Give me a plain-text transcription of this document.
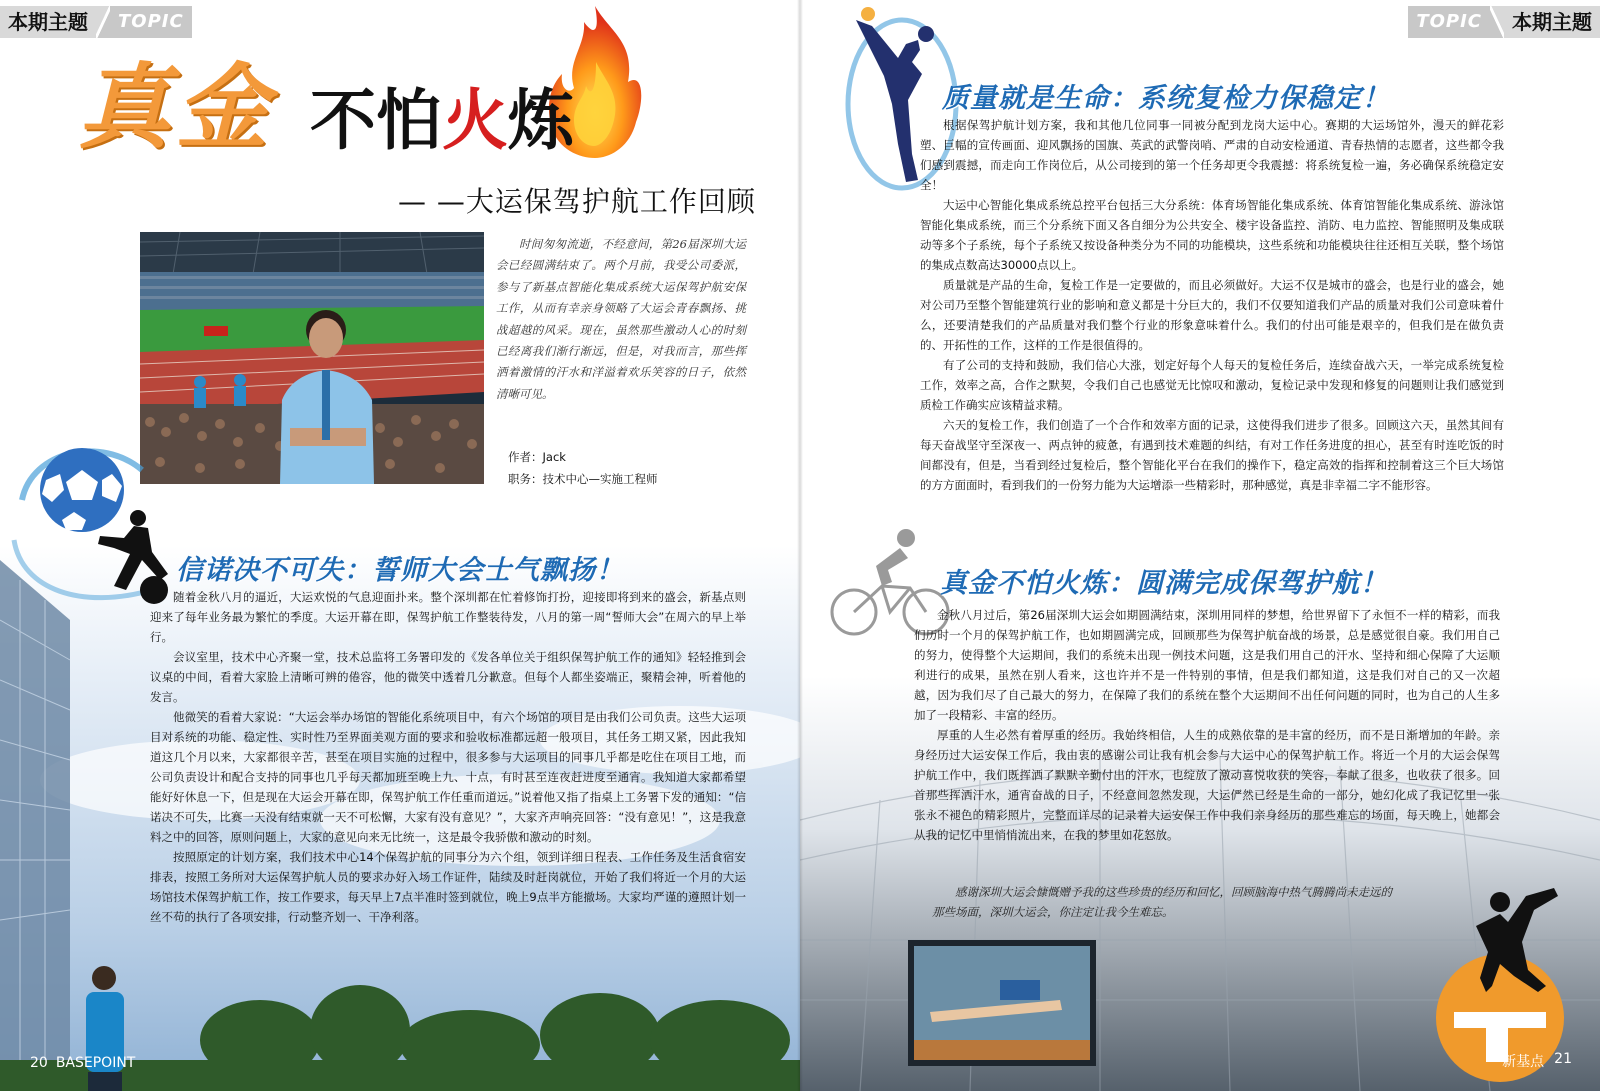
本期主题	TOPIC
真金 不怕火炼
— —大运保驾护航工作回顾
时间匆匆流逝，不经意间，第26届深圳大运会已经圆满结束了。两个月前，我受公司委派，参与了新基点智能化集成系统大运保驾护航安保工作，从而有幸亲身领略了大运会青春飘扬、挑战超越的风采。现在，虽然那些激动人心的时刻已经离我们渐行渐远，但是，对我而言，那些挥洒着激情的汗水和洋溢着欢乐笑容的日子，依然清晰可见。
作者：Jack
职务：技术中心—实施工程师
信诺决不可失：誓师大会士气飘扬！

随着金秋八月的逼近，大运欢悦的气息迎面扑来。整个深圳都在忙着修饰打扮，迎接即将到来的盛会，新基点则迎来了每年业务最为繁忙的季度。大运开幕在即，保驾护航工作整装待发，八月的第一周“誓师大会”在周六的早上举行。

会议室里，技术中心齐聚一堂，技术总监将工务署印发的《发各单位关于组织保驾护航工作的通知》轻轻推到会议桌的中间，看着大家脸上清晰可辨的倦容，他的微笑中透着几分歉意。但每个人都坐姿端正，聚精会神，听着他的发言。

他微笑的看着大家说：“大运会举办场馆的智能化系统项目中，有六个场馆的项目是由我们公司负责。这些大运项目对系统的功能、稳定性、实时性乃至界面美观方面的要求和验收标准都远超一般项目，其任务工期又紧，因此我知道这几个月以来，大家都很辛苦，甚至在项目实施的过程中，很多参与大运项目的同事几乎都是吃住在项目工地，而公司负责设计和配合支持的同事也几乎每天都加班至晚上九、十点，有时甚至连夜赶进度至通宵。我知道大家都希望能好好休息一下，但是现在大运会开幕在即，保驾护航工作任重而道远。”说着他又指了指桌上工务署下发的通知：“信诺决不可失，比赛一天没有结束就一天不可松懈，大家有没有意见？”，大家齐声响亮回答：“没有意见！”，这是我意料之中的回答，原则问题上，大家的意见向来无比统一，这是最令我骄傲和激动的时刻。

按照原定的计划方案，我们技术中心14个保驾护航的同事分为六个组，领到详细日程表、工作任务及生活食宿安排表，按照工务所对大运保驾护航人员的要求办好入场工作证件，陆续及时赶岗就位，开始了我们将近一个月的大运场馆技术保驾护航工作，按工作要求，每天早上7点半准时签到就位，晚上9点半方能撤场。大家均严谨的遵照计划一丝不苟的执行了各项安排，行动整齐划一、干净利落。

20 BASEPOINT
TOPIC	本期主题
质量就是生命：系统复检力保稳定！

根据保驾护航计划方案，我和其他几位同事一同被分配到龙岗大运中心。赛期的大运场馆外，漫天的鲜花彩塑、巨幅的宣传画面、迎风飘扬的国旗、英武的武警岗哨、严肃的自动安检通道、青春热情的志愿者，这些都令我们感到震撼，而走向工作岗位后，从公司接到的第一个任务却更令我震撼：将系统复检一遍，务必确保系统稳定安全！

大运中心智能化集成系统总控平台包括三大分系统：体育场智能化集成系统、体育馆智能化集成系统、游泳馆智能化集成系统，而三个分系统下面又各自细分为公共安全、楼宇设备监控、消防、电力监控、智能照明及集成联动等多个子系统，每个子系统又按设备种类分为不同的功能模块，这些系统和功能模块往往还相互关联，整个场馆的集成点数高达30000点以上。

质量就是产品的生命，复检工作是一定要做的，而且必须做好。大运不仅是城市的盛会，也是行业的盛会，她对公司乃至整个智能建筑行业的影响和意义都是十分巨大的，我们不仅要知道我们产品的质量对我们公司意味着什么，还要清楚我们的产品质量对我们整个行业的形象意味着什么。我们的付出可能是艰辛的，但我们是在做负责的、开拓性的工作，这样的工作是很值得的。

有了公司的支持和鼓励，我们信心大涨，划定好每个人每天的复检任务后，连续奋战六天，一举完成系统复检工作，效率之高，合作之默契，令我们自己也感觉无比惊叹和激动，复检记录中发现和修复的问题则让我们感觉到质检工作确实应该精益求精。

六天的复检工作，我们创造了一个合作和效率方面的记录，这使得我们进步了很多。回顾这六天，虽然其间有每天奋战坚守至深夜一、两点钟的疲惫，有遇到技术难题的纠结，有对工作任务进度的担心，甚至有时连吃饭的时间都没有，但是，当看到经过复检后，整个智能化平台在我们的操作下，稳定高效的指挥和控制着这三个巨大场馆的方方面面时，看到我们的一份努力能为大运增添一些精彩时，那种感觉，真是非幸福二字不能形容。

真金不怕火炼：圆满完成保驾护航！

金秋八月过后，第26届深圳大运会如期圆满结束，深圳用同样的梦想，给世界留下了永恒不一样的精彩，而我们历时一个月的保驾护航工作，也如期圆满完成，回顾那些为保驾护航奋战的场景，总是感觉很自豪。我们用自己的努力，使得整个大运期间，我们的系统未出现一例技术问题，这是我们用自己的汗水、坚持和细心保障了大运顺利进行的成果，虽然在别人看来，这也许并不是一件特别的事情，但是我们都知道，这是我们对自己的又一次超越，因为我们尽了自己最大的努力，在保障了我们的系统在整个大运期间不出任何问题的同时，也为自己的人生多加了一段精彩、丰富的经历。

厚重的人生必然有着厚重的经历。我始终相信，人生的成熟依靠的是丰富的经历，而不是日渐增加的年龄。亲身经历过大运安保工作后，我由衷的感谢公司让我有机会参与大运中心的保驾护航工作。将近一个月的大运会保驾护航工作中，我们既挥洒了默默辛勤付出的汗水，也绽放了激动喜悦收获的笑容，奉献了很多，也收获了很多。回首那些挥洒汗水，通宵奋战的日子，不经意间忽然发现，大运俨然已经是生命的一部分，她幻化成了我记忆里一张张永不褪色的精彩照片，完整而详尽的记录着大运安保工作中我们亲身经历的那些难忘的场面，每天晚上，她都会从我的记忆中里悄悄流出来，在我的梦里如花怒放。

感谢深圳大运会慷慨赠予我的这些珍贵的经历和回忆，回顾脑海中热气腾腾尚未走远的那些场面，深圳大运会，你注定让我今生难忘。
新基点 21
